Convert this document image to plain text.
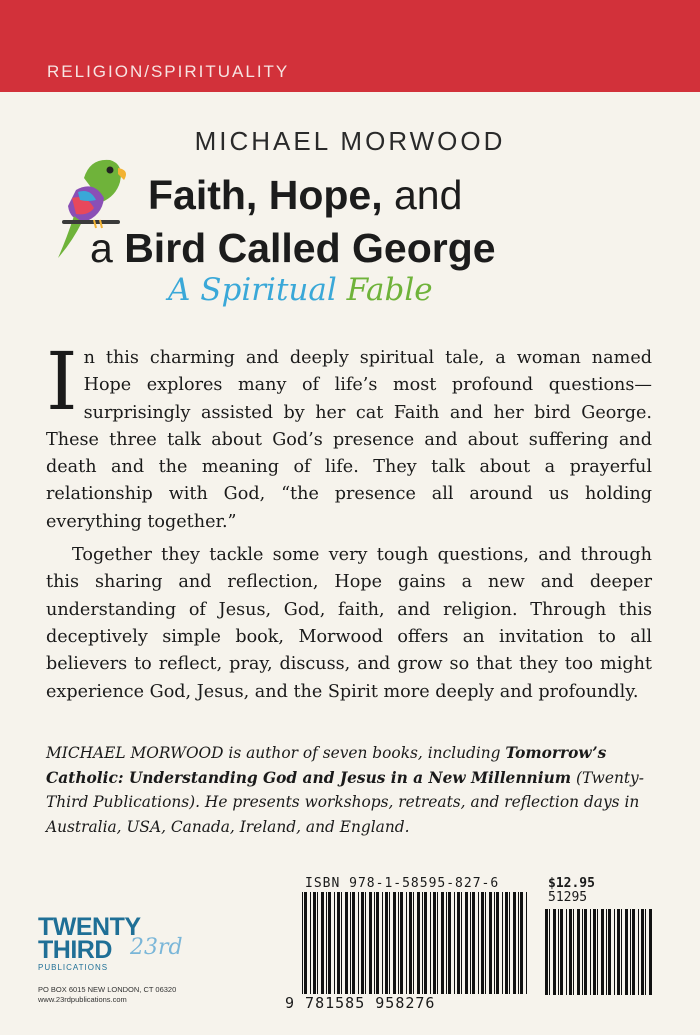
RELIGION/SPIRITUALITY
MICHAEL MORWOOD
Faith, Hope, and
a Bird Called George
A Spiritual Fable

In this charming and deeply spiritual tale, a woman named Hope explores many of life’s most profound questions—surprisingly assisted by her cat Faith and her bird George. These three talk about God’s presence and about suffering and death and the meaning of life. They talk about a prayerful relationship with God, “the presence all around us holding everything together.”

Together they tackle some very tough questions, and through this sharing and reflection, Hope gains a new and deeper understanding of Jesus, God, faith, and religion. Through this deceptively simple book, Morwood offers an invitation to all believers to reflect, pray, discuss, and grow so that they too might experience God, Jesus, and the Spirit more deeply and profoundly.

MICHAEL MORWOOD is author of seven books, including Tomorrow’s Catholic: Understanding God and Jesus in a New Millennium (Twenty-Third Publications). He presents workshops, retreats, and reflection days in Australia, USA, Canada, Ireland, and England.
ISBN 978-1-58595-827-6	$12.95
51295
9 781585 958276
TWENTY
THIRD 23rd
PUBLICATIONS
PO BOX 6015 NEW LONDON, CT 06320
www.23rdpublications.com
